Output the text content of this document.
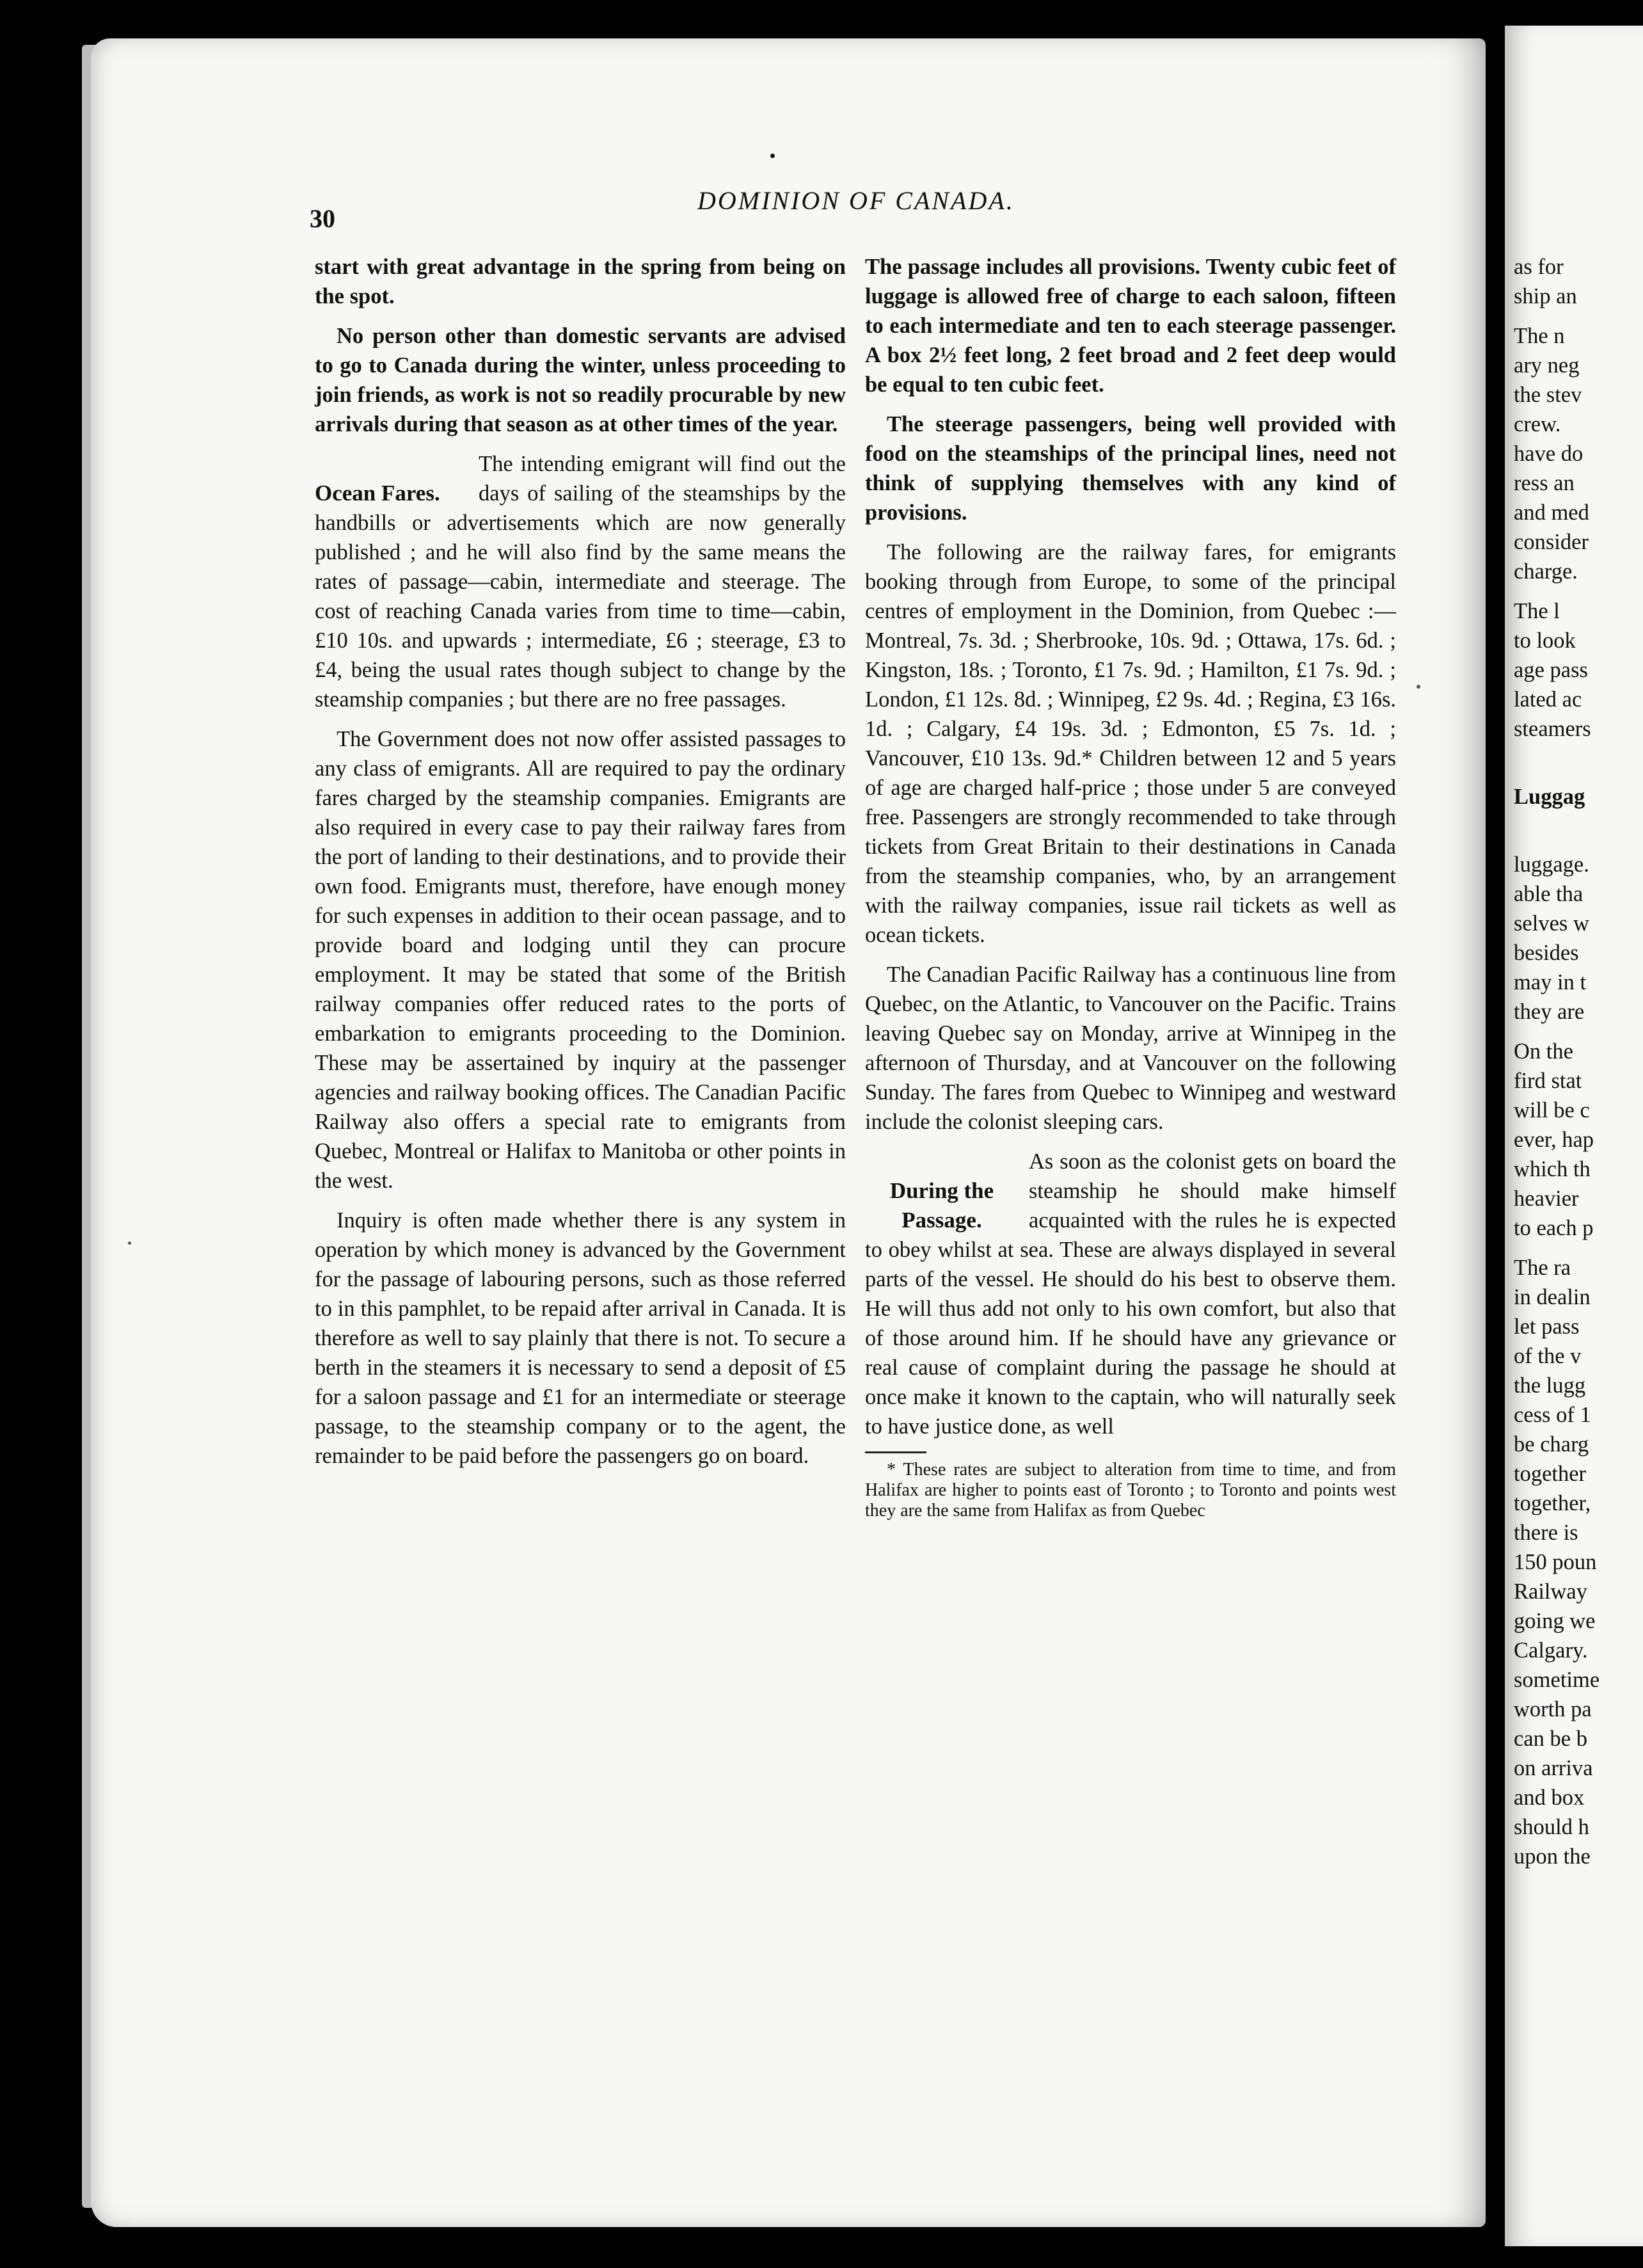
30
DOMINION OF CANADA.

start with great advantage in the spring from being on the spot.

No person other than domestic servants are advised to go to Canada during the winter, unless proceeding to join friends, as work is not so readily procurable by new arrivals during that season as at other times of the year.

Ocean Fares.
The intending emigrant will find out the days of sailing of the steamships by the handbills or advertisements which are now generally published ; and he will also find by the same means the rates of passage—cabin, intermediate and steerage. The cost of reaching Canada varies from time to time—cabin, £10 10s. and upwards ; intermediate, £6 ; steerage, £3 to £4, being the usual rates though subject to change by the steamship companies ; but there are no free passages.

The Government does not now offer assisted passages to any class of emigrants. All are required to pay the ordinary fares charged by the steamship companies. Emigrants are also required in every case to pay their railway fares from the port of landing to their destinations, and to provide their own food. Emigrants must, therefore, have enough money for such expenses in addition to their ocean passage, and to provide board and lodging until they can procure employment. It may be stated that some of the British railway companies offer reduced rates to the ports of embarkation to emigrants proceeding to the Dominion. These may be assertained by inquiry at the passenger agencies and railway booking offices. The Canadian Pacific Railway also offers a special rate to emigrants from Quebec, Montreal or Halifax to Manitoba or other points in the west.

Inquiry is often made whether there is any system in operation by which money is advanced by the Government for the passage of labouring persons, such as those referred to in this pamphlet, to be repaid after arrival in Canada. It is therefore as well to say plainly that there is not. To secure a berth in the steamers it is necessary to send a deposit of £5 for a saloon passage and £1 for an intermediate or steerage passage, to the steamship company or to the agent, the remainder to be paid before the passengers go on board.

The passage includes all provisions. Twenty cubic feet of luggage is allowed free of charge to each saloon, fifteen to each intermediate and ten to each steerage passenger. A box 2½ feet long, 2 feet broad and 2 feet deep would be equal to ten cubic feet.

The steerage passengers, being well provided with food on the steamships of the principal lines, need not think of supplying themselves with any kind of provisions.

The following are the railway fares, for emigrants booking through from Europe, to some of the principal centres of employment in the Dominion, from Quebec :—Montreal, 7s. 3d. ; Sherbrooke, 10s. 9d. ; Ottawa, 17s. 6d. ; Kingston, 18s. ; Toronto, £1 7s. 9d. ; Hamilton, £1 7s. 9d. ; London, £1 12s. 8d. ; Winnipeg, £2 9s. 4d. ; Regina, £3 16s. 1d. ; Calgary, £4 19s. 3d. ; Edmonton, £5 7s. 1d. ; Vancouver, £10 13s. 9d.* Children between 12 and 5 years of age are charged half-price ; those under 5 are conveyed free. Passengers are strongly recommended to take through tickets from Great Britain to their destinations in Canada from the steamship companies, who, by an arrangement with the railway companies, issue rail tickets as well as ocean tickets.

The Canadian Pacific Railway has a continuous line from Quebec, on the Atlantic, to Vancouver on the Pacific. Trains leaving Quebec say on Monday, arrive at Winnipeg in the afternoon of Thursday, and at Vancouver on the following Sunday. The fares from Quebec to Winnipeg and westward include the colonist sleeping cars.

During the
Passage.
As soon as the colonist gets on board the steamship he should make himself acquainted with the rules he is expected to obey whilst at sea. These are always displayed in several parts of the vessel. He should do his best to observe them. He will thus add not only to his own comfort, but also that of those around him. If he should have any grievance or real cause of complaint during the passage he should at once make it known to the captain, who will naturally seek to have justice done, as well

* These rates are subject to alteration from time to time, and from Halifax are higher to points east of Toronto ; to Toronto and points west they are the same from Halifax as from Quebec

as for
ship an
The n
ary neg
the stev
crew.
have do
ress an
and med
consider
charge.
The l
to look
age pass
lated ac
steamers
Luggag
luggage.
able tha
selves w
besides
may in t
they are
On the
fird stat
will be c
ever, hap
which th
heavier
to each p
The ra
in dealin
let pass
of the v
the lugg
cess of 1
be charg
together
together,
there is
150 poun
Railway
going we
Calgary.
sometime
worth pa
can be b
on arriva
and box
should h
upon the
